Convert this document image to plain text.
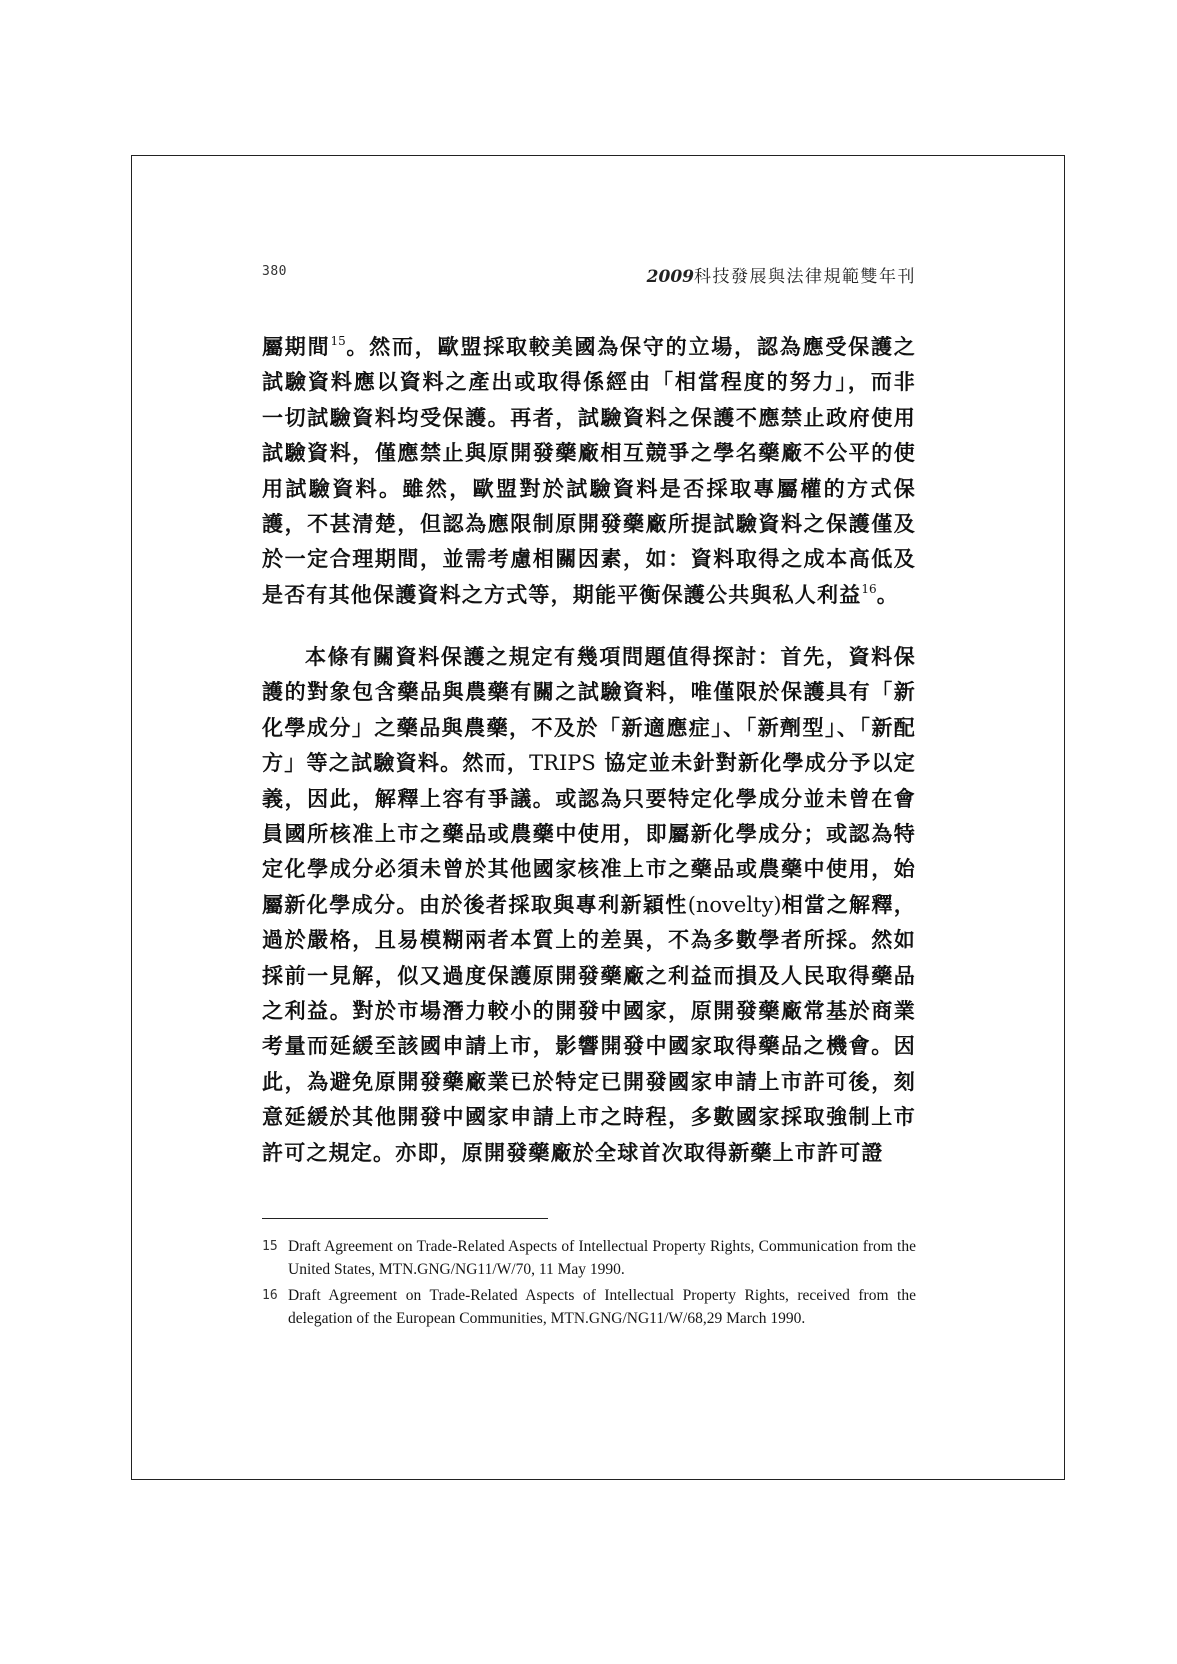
380	2009科技發展與法律規範雙年刊

屬期間$^{15}$。然而，歐盟採取較美國為保守的立場，認為應受保護之試驗資料應以資料之產出或取得係經由「相當程度的努力」，而非一切試驗資料均受保護。再者，試驗資料之保護不應禁止政府使用試驗資料，僅應禁止與原開發藥廠相互競爭之學名藥廠不公平的使用試驗資料。雖然，歐盟對於試驗資料是否採取專屬權的方式保護，不甚清楚，但認為應限制原開發藥廠所提試驗資料之保護僅及於一定合理期間，並需考慮相關因素，如：資料取得之成本高低及是否有其他保護資料之方式等，期能平衡保護公共與私人利益$^{16}$。

本條有關資料保護之規定有幾項問題值得探討：首先，資料保護的對象包含藥品與農藥有關之試驗資料，唯僅限於保護具有「新化學成分」之藥品與農藥，不及於「新適應症」、「新劑型」、「新配方」等之試驗資料。然而，TRIPS 協定並未針對新化學成分予以定義，因此，解釋上容有爭議。或認為只要特定化學成分並未曾在會員國所核准上市之藥品或農藥中使用，即屬新化學成分；或認為特定化學成分必須未曾於其他國家核准上市之藥品或農藥中使用，始屬新化學成分。由於後者採取與專利新穎性(novelty)相當之解釋，過於嚴格，且易模糊兩者本質上的差異，不為多數學者所採。然如採前一見解，似又過度保護原開發藥廠之利益而損及人民取得藥品之利益。對於市場潛力較小的開發中國家，原開發藥廠常基於商業考量而延緩至該國申請上市，影響開發中國家取得藥品之機會。因此，為避免原開發藥廠業已於特定已開發國家申請上市許可後，刻意延緩於其他開發中國家申請上市之時程，多數國家採取強制上市許可之規定。亦即，原開發藥廠於全球首次取得新藥上市許可證

15 Draft Agreement on Trade-Related Aspects of Intellectual Property Rights, Communication from the United States, MTN.GNG/NG11/W/70, 11 May 1990.

16 Draft Agreement on Trade-Related Aspects of Intellectual Property Rights, received from the delegation of the European Communities, MTN.GNG/NG11/W/68,29 March 1990.
